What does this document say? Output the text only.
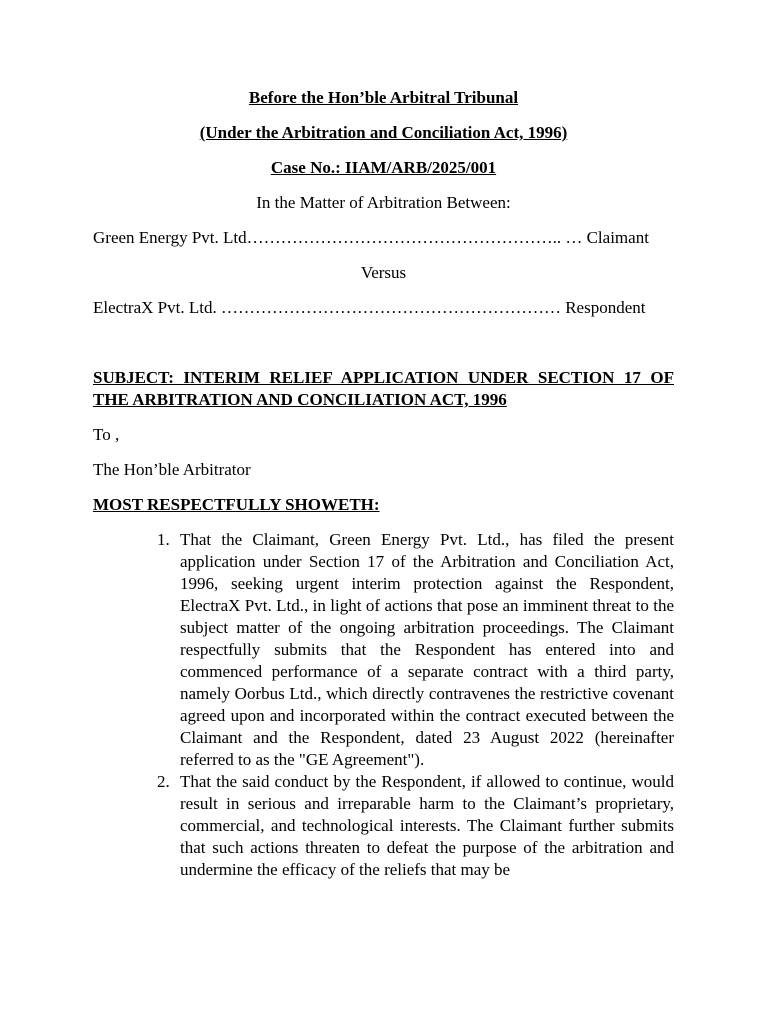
Before the Hon’ble Arbitral Tribunal

(Under the Arbitration and Conciliation Act, 1996)

Case No.: IIAM/ARB/2025/001

In the Matter of Arbitration Between:

Green Energy Pvt. Ltd……………………………………………….. … Claimant

Versus

ElectraX Pvt. Ltd. …………………………………………………… Respondent

SUBJECT: INTERIM RELIEF APPLICATION UNDER SECTION 17 OF THE ARBITRATION AND CONCILIATION ACT, 1996

To ,

The Hon’ble Arbitrator

MOST RESPECTFULLY SHOWETH:

1. That the Claimant, Green Energy Pvt. Ltd., has filed the present application under Section 17 of the Arbitration and Conciliation Act, 1996, seeking urgent interim protection against the Respondent, ElectraX Pvt. Ltd., in light of actions that pose an imminent threat to the subject matter of the ongoing arbitration proceedings. The Claimant respectfully submits that the Respondent has entered into and commenced performance of a separate contract with a third party, namely Oorbus Ltd., which directly contravenes the restrictive covenant agreed upon and incorporated within the contract executed between the Claimant and the Respondent, dated 23 August 2022 (hereinafter referred to as the "GE Agreement").
2. That the said conduct by the Respondent, if allowed to continue, would result in serious and irreparable harm to the Claimant’s proprietary, commercial, and technological interests. The Claimant further submits that such actions threaten to defeat the purpose of the arbitration and undermine the efficacy of the reliefs that may be
